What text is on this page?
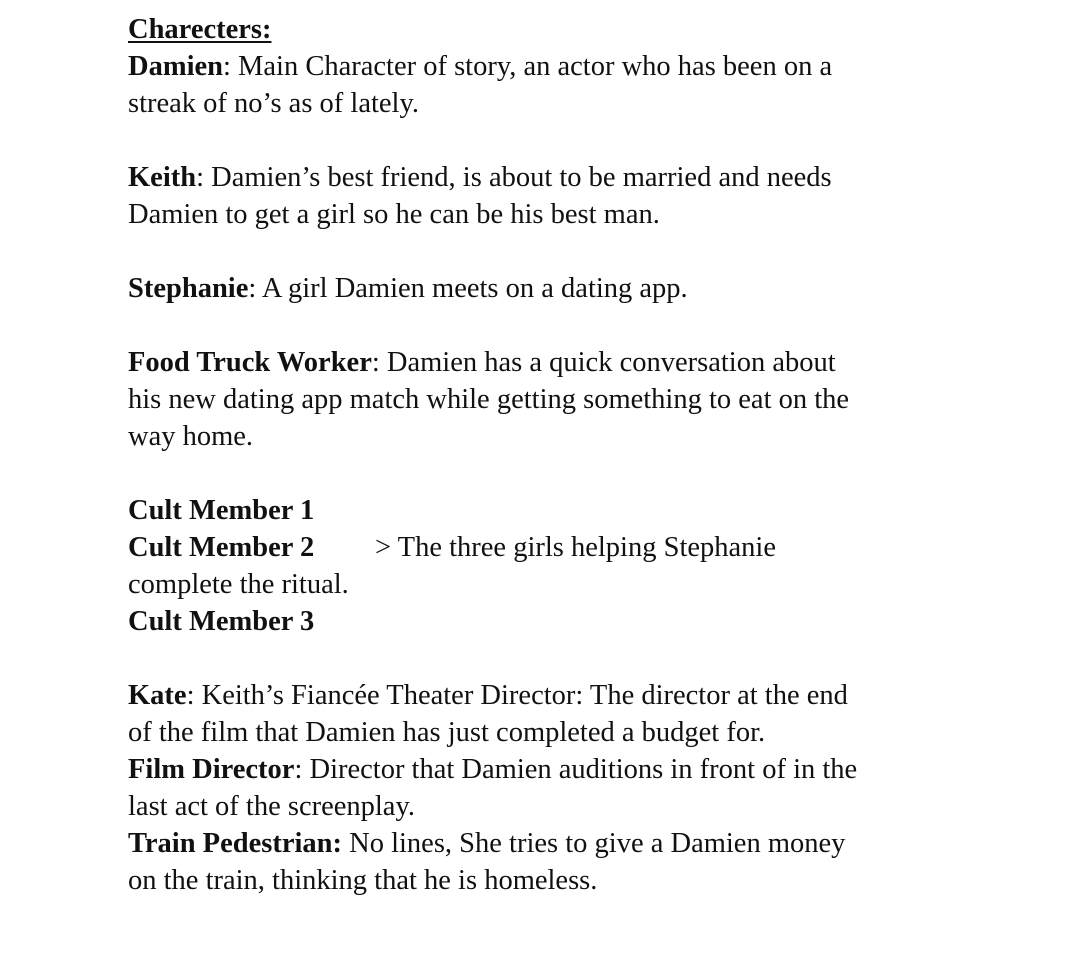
Charecters:
Damien: Main Character of story, an actor who has been on a
streak of no’s as of lately.
Keith: Damien’s best friend, is about to be married and needs
Damien to get a girl so he can be his best man.
Stephanie: A girl Damien meets on a dating app.
Food Truck Worker: Damien has a quick conversation about
his new dating app match while getting something to eat on the
way home.
Cult Member 1
Cult Member 2 > The three girls helping Stephanie
complete the ritual.
Cult Member 3
Kate: Keith’s Fiancée Theater Director: The director at the end
of the film that Damien has just completed a budget for.
Film Director: Director that Damien auditions in front of in the
last act of the screenplay.
Train Pedestrian: No lines, She tries to give a Damien money
on the train, thinking that he is homeless.
